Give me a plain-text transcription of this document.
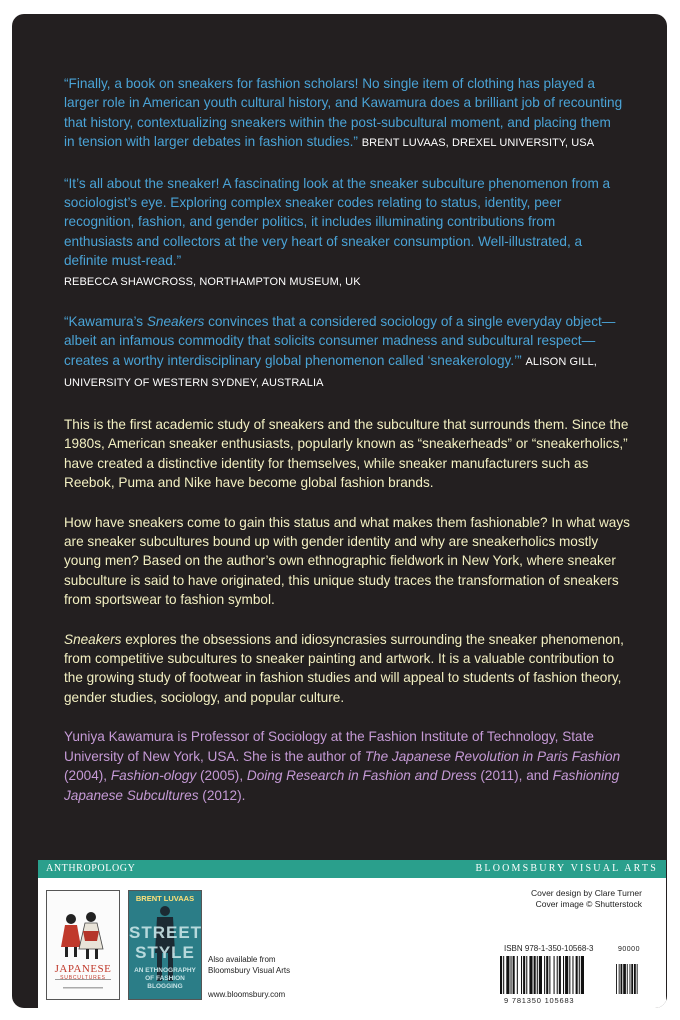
“Finally, a book on sneakers for fashion scholars! No single item of clothing has played a larger role in American youth cultural history, and Kawamura does a brilliant job of recounting that history, contextualizing sneakers within the post-subcultural moment, and placing them in tension with larger debates in fashion studies.” BRENT LUVAAS, DREXEL UNIVERSITY, USA

“It’s all about the sneaker! A fascinating look at the sneaker subculture phenomenon from a sociologist’s eye. Exploring complex sneaker codes relating to status, identity, peer recognition, fashion, and gender politics, it includes illuminating contributions from enthusiasts and collectors at the very heart of sneaker consumption. Well-illustrated, a definite must-read.”
REBECCA SHAWCROSS, NORTHAMPTON MUSEUM, UK

“Kawamura’s Sneakers convinces that a considered sociology of a single everyday object—albeit an infamous commodity that solicits consumer madness and subcultural respect—creates a worthy interdisciplinary global phenomenon called ‘sneakerology.’” ALISON GILL, UNIVERSITY OF WESTERN SYDNEY, AUSTRALIA

This is the first academic study of sneakers and the subculture that surrounds them. Since the 1980s, American sneaker enthusiasts, popularly known as “sneakerheads” or “sneakerholics,” have created a distinctive identity for themselves, while sneaker manufacturers such as Reebok, Puma and Nike have become global fashion brands.

How have sneakers come to gain this status and what makes them fashionable? In what ways are sneaker subcultures bound up with gender identity and why are sneakerholics mostly young men? Based on the author’s own ethnographic fieldwork in New York, where sneaker subculture is said to have originated, this unique study traces the transformation of sneakers from sportswear to fashion symbol.

Sneakers explores the obsessions and idiosyncrasies surrounding the sneaker phenomenon, from competitive subcultures to sneaker painting and artwork. It is a valuable contribution to the growing study of footwear in fashion studies and will appeal to students of fashion theory, gender studies, sociology, and popular culture.

Yuniya Kawamura is Professor of Sociology at the Fashion Institute of Technology, State University of New York, USA. She is the author of The Japanese Revolution in Paris Fashion (2004), Fashion-ology (2005), Doing Research in Fashion and Dress (2011), and Fashioning Japanese Subcultures (2012).

ANTHROPOLOGY	BLOOMSBURY VISUAL ARTS
JAPANESE
SUBCULTURES
BRENT LUVAAS
STREET
STYLE
AN ETHNOGRAPHY OF FASHION BLOGGING
Also available from
Bloomsbury Visual Arts
www.bloomsbury.com
Cover design by Clare Turner
Cover image © Shutterstock
ISBN 978-1-350-10568-3
9 781350 105683
90000
